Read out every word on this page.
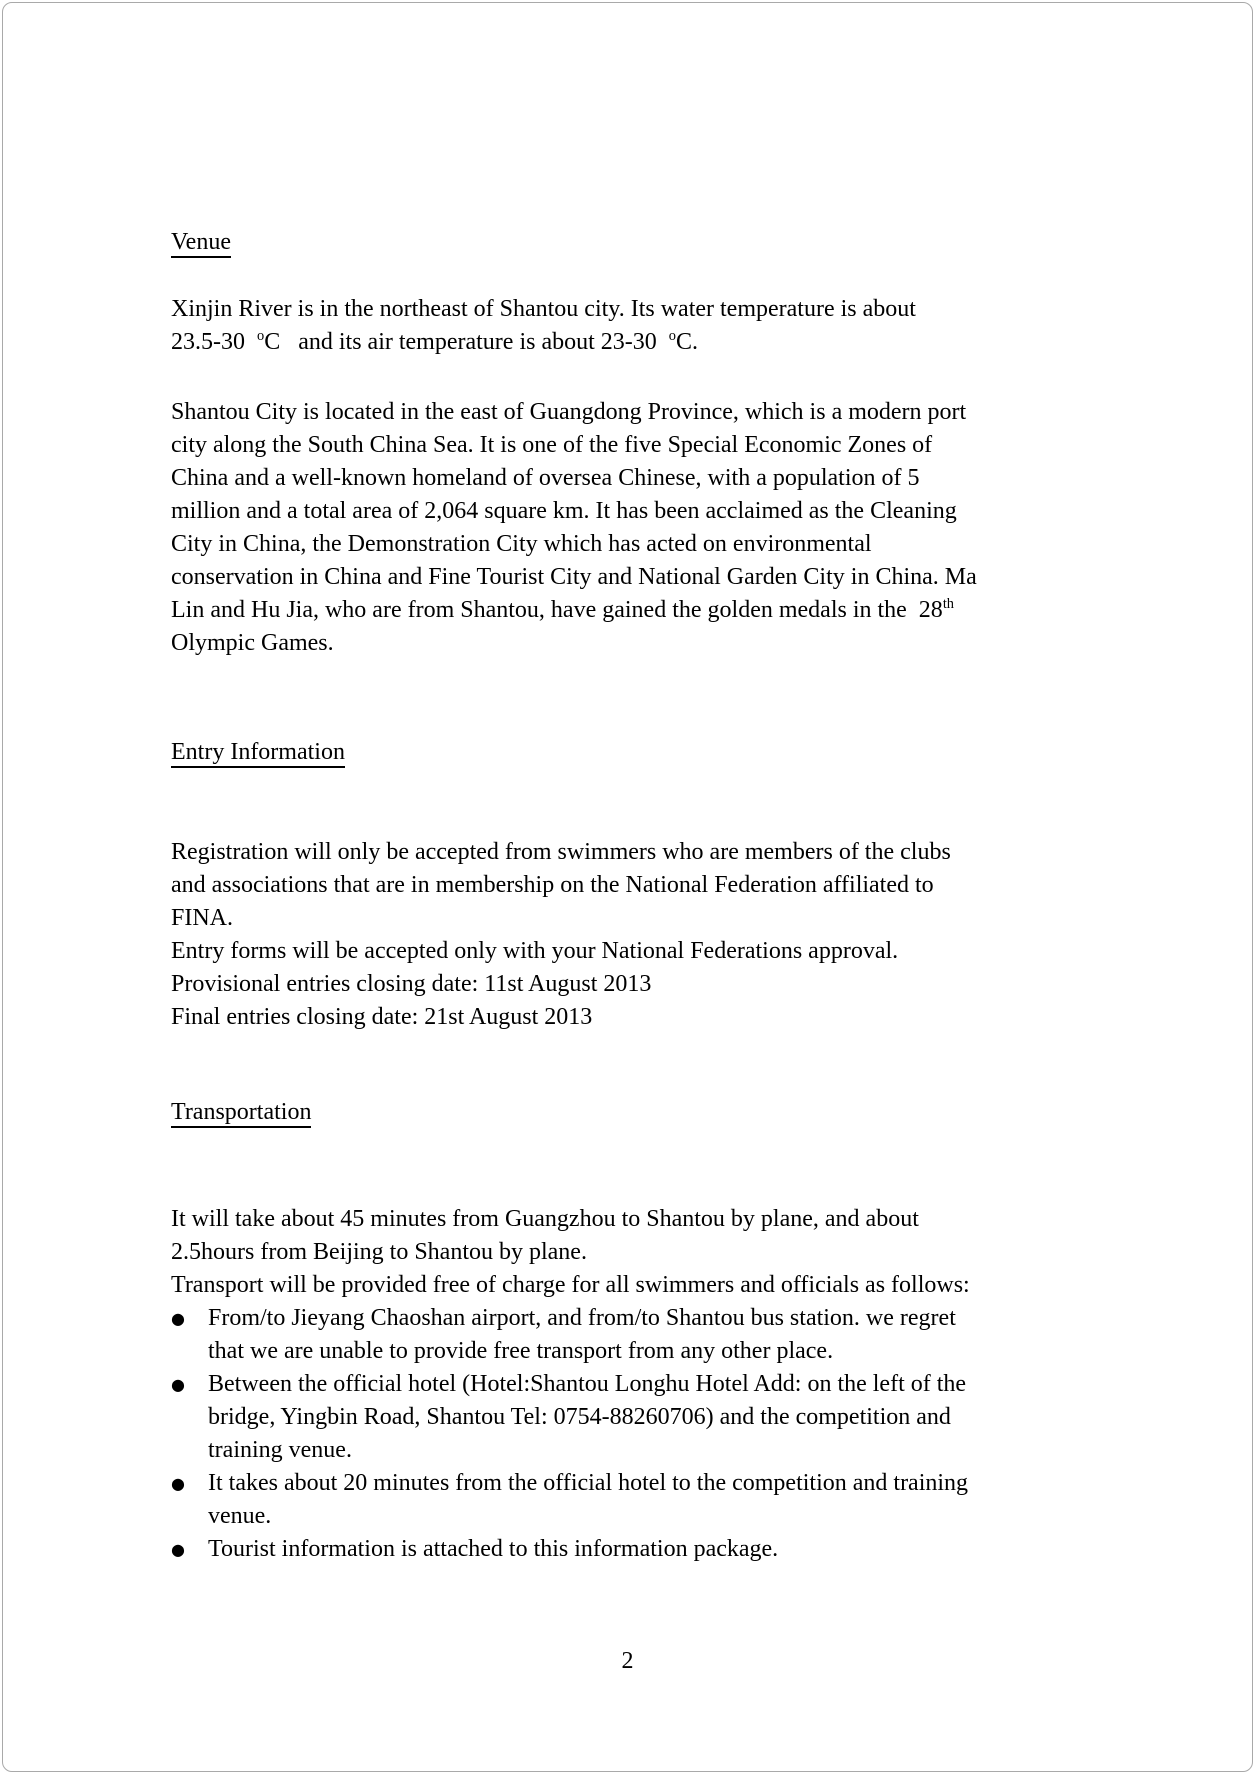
Venue
Xinjin River is in the northeast of Shantou city. Its water temperature is about
23.5-30  $^o$C   and its air temperature is about 23-30  $^o$C.
Shantou City is located in the east of Guangdong Province, which is a modern port
city along the South China Sea. It is one of the five Special Economic Zones of
China and a well-known homeland of oversea Chinese, with a population of 5
million and a total area of 2,064 square km. It has been acclaimed as the Cleaning
City in China, the Demonstration City which has acted on environmental
conservation in China and Fine Tourist City and National Garden City in China. Ma
Lin and Hu Jia, who are from Shantou, have gained the golden medals in the  28th
Olympic Games.
Entry Information
Registration will only be accepted from swimmers who are members of the clubs
and associations that are in membership on the National Federation affiliated to
FINA.
Entry forms will be accepted only with your National Federations approval.
Provisional entries closing date: 11st August 2013
Final entries closing date: 21st August 2013
Transportation
It will take about 45 minutes from Guangzhou to Shantou by plane, and about
2.5hours from Beijing to Shantou by plane.
Transport will be provided free of charge for all swimmers and officials as follows:
● From/to Jieyang Chaoshan airport, and from/to Shantou bus station. we regret
that we are unable to provide free transport from any other place.
● Between the official hotel (Hotel:Shantou Longhu Hotel Add: on the left of the
bridge, Yingbin Road, Shantou Tel: 0754-88260706) and the competition and
training venue.
● It takes about 20 minutes from the official hotel to the competition and training
venue.
● Tourist information is attached to this information package.
2
